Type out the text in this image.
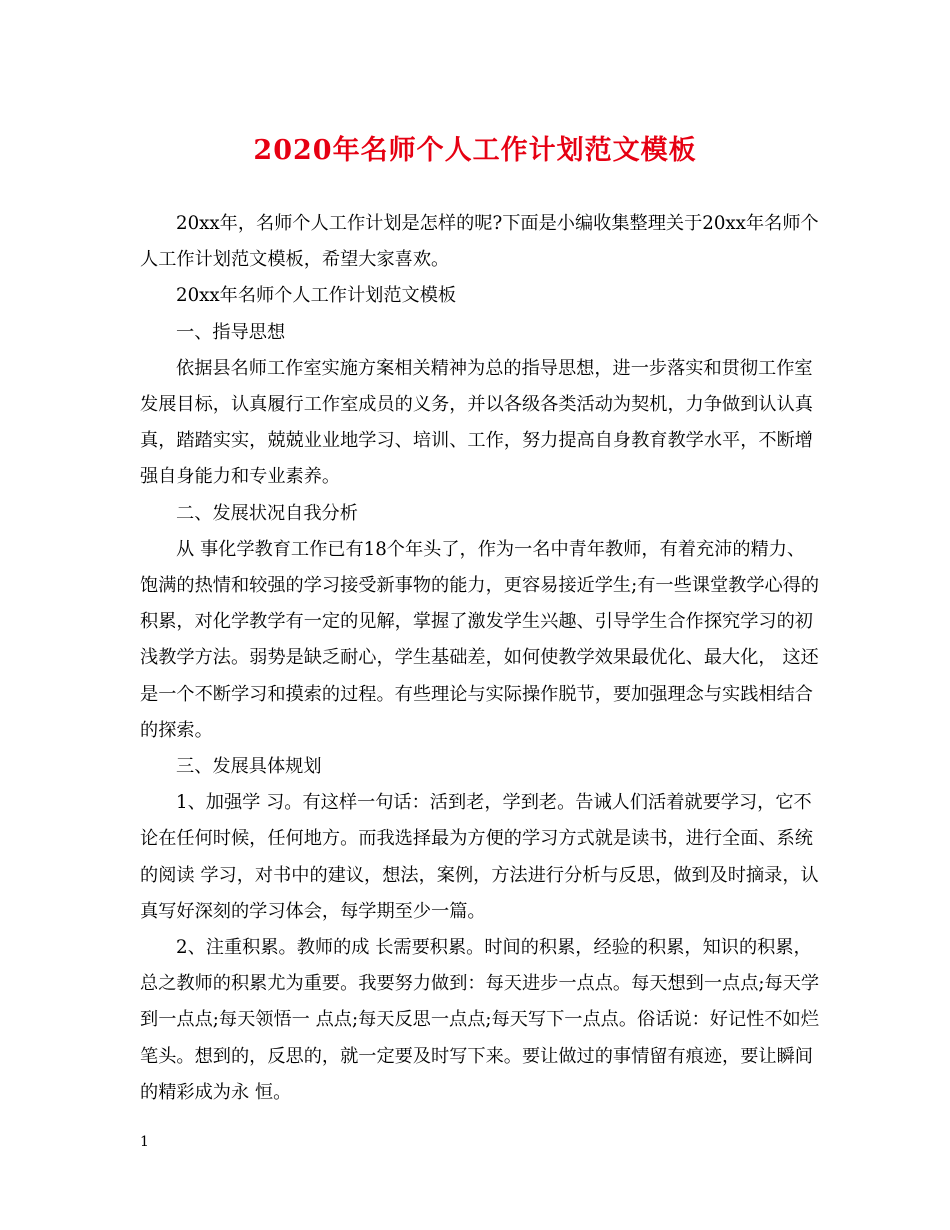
2020年名师个人工作计划范文模板

20xx年，名师个人工作计划是怎样的呢?下面是小编收集整理关于20xx年名师个人工作计划范文模板，希望大家喜欢。

20xx年名师个人工作计划范文模板

一、指导思想

依据县名师工作室实施方案相关精神为总的指导思想，进一步落实和贯彻工作室发展目标，认真履行工作室成员的义务，并以各级各类活动为契机，力争做到认认真真，踏踏实实，兢兢业业地学习、培训、工作，努力提高自身教育教学水平，不断增强自身能力和专业素养。

二、发展状况自我分析

从 事化学教育工作已有18个年头了，作为一名中青年教师，有着充沛的精力、饱满的热情和较强的学习接受新事物的能力，更容易接近学生;有一些课堂教学心得的 积累，对化学教学有一定的见解，掌握了激发学生兴趣、引导学生合作探究学习的初浅教学方法。弱势是缺乏耐心，学生基础差，如何使教学效果最优化、最大化， 这还是一个不断学习和摸索的过程。有些理论与实际操作脱节，要加强理念与实践相结合的探索。

三、发展具体规划

1、加强学 习。有这样一句话：活到老，学到老。告诫人们活着就要学习，它不论在任何时候，任何地方。而我选择最为方便的学习方式就是读书，进行全面、系统的阅读 学习，对书中的建议，想法，案例，方法进行分析与反思，做到及时摘录，认真写好深刻的学习体会，每学期至少一篇。

2、注重积累。教师的成 长需要积累。时间的积累，经验的积累，知识的积累，总之教师的积累尤为重要。我要努力做到：每天进步一点点。每天想到一点点;每天学到一点点;每天领悟一 点点;每天反思一点点;每天写下一点点。俗话说：好记性不如烂笔头。想到的，反思的，就一定要及时写下来。要让做过的事情留有痕迹，要让瞬间的精彩成为永 恒。

1
